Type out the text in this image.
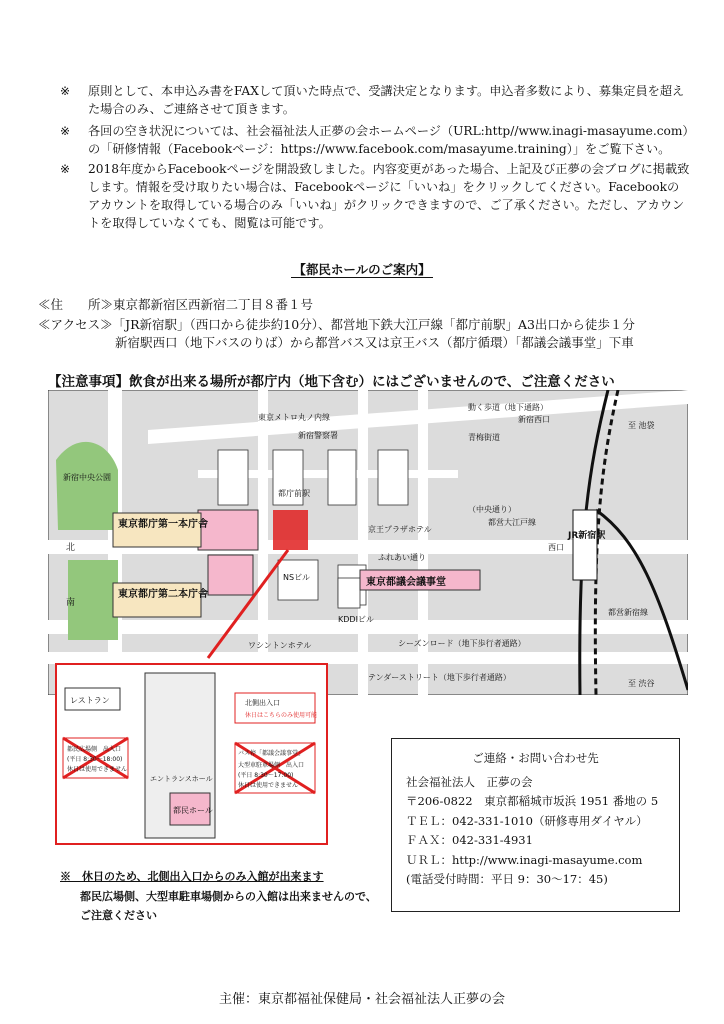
※	原則として、本申込み書をFAXして頂いた時点で、受講決定となります。申込者多数により、募集定員を超えた場合のみ、ご連絡させて頂きます。
※	各回の空き状況については、社会福祉法人正夢の会ホームページ（URL:http//www.inagi-masayume.com）の「研修情報（Facebookページ：https://www.facebook.com/masayume.training）」をご覧下さい。
※	2018年度からFacebookページを開設致しました。内容変更があった場合、上記及び正夢の会ブログに掲載致します。情報を受け取りたい場合は、Facebookページに「いいね」をクリックしてください。Facebookのアカウントを取得している場合のみ「いいね」がクリックできますので、ご了承ください。ただし、アカウントを取得していなくても、閲覧は可能です。
【都民ホールのご案内】
≪住　　所≫東京都新宿区西新宿二丁目８番１号
≪アクセス≫「JR新宿駅」（西口から徒歩約10分）、都営地下鉄大江戸線「都庁前駅」A3出口から徒歩１分
新宿駅西口（地下バスのりば）から都営バス又は京王バス（都庁循環）「都議会議事堂」下車
【注意事項】飲食が出来る場所が都庁内（地下含む）にはございませんので、ご注意ください
東京メトロ丸ノ内線
動く歩道（地下通路）
新宿西口
至 池袋
青梅街道
新宿警察署
新宿中央公園
都庁前駅
（中央通り）
都営大江戸線
京王プラザホテル
ふれあい通り
東京都庁第一本庁舎
東京都庁第二本庁舎
東京都議会議事堂
NSビル
KDDIビル
ワシントンホテル	シーズンロード（地下歩行者通路）
JR新宿駅
西口
都営新宿線
至 渋谷
テンダーストリート（地下歩行者通路）
北
南
レストラン	北側出入口
休日はこちらのみ使用可能
都民広場側　出入口
(平日 8:30〜18:00)
休日は使用できません
バス停「都議会議事堂」
大型車駐車場側　出入口
(平日 8:30〜17:00)
休日は使用できません
エントランスホール
都民ホール
※　休日のため、北側出入口からのみ入館が出来ます
都民広場側、大型車駐車場側からの入館は出来ませんので、
ご注意ください
ご連絡・お問い合わせ先
社会福祉法人　正夢の会
〒206-0822　東京都稲城市坂浜 1951 番地の 5
ＴＥＬ：042-331-1010（研修専用ダイヤル）
ＦＡＸ：042-331-4931
ＵＲＬ：http://www.inagi-masayume.com
(電話受付時間：平日 9：30〜17：45)
主催：東京都福祉保健局・社会福祉法人正夢の会
